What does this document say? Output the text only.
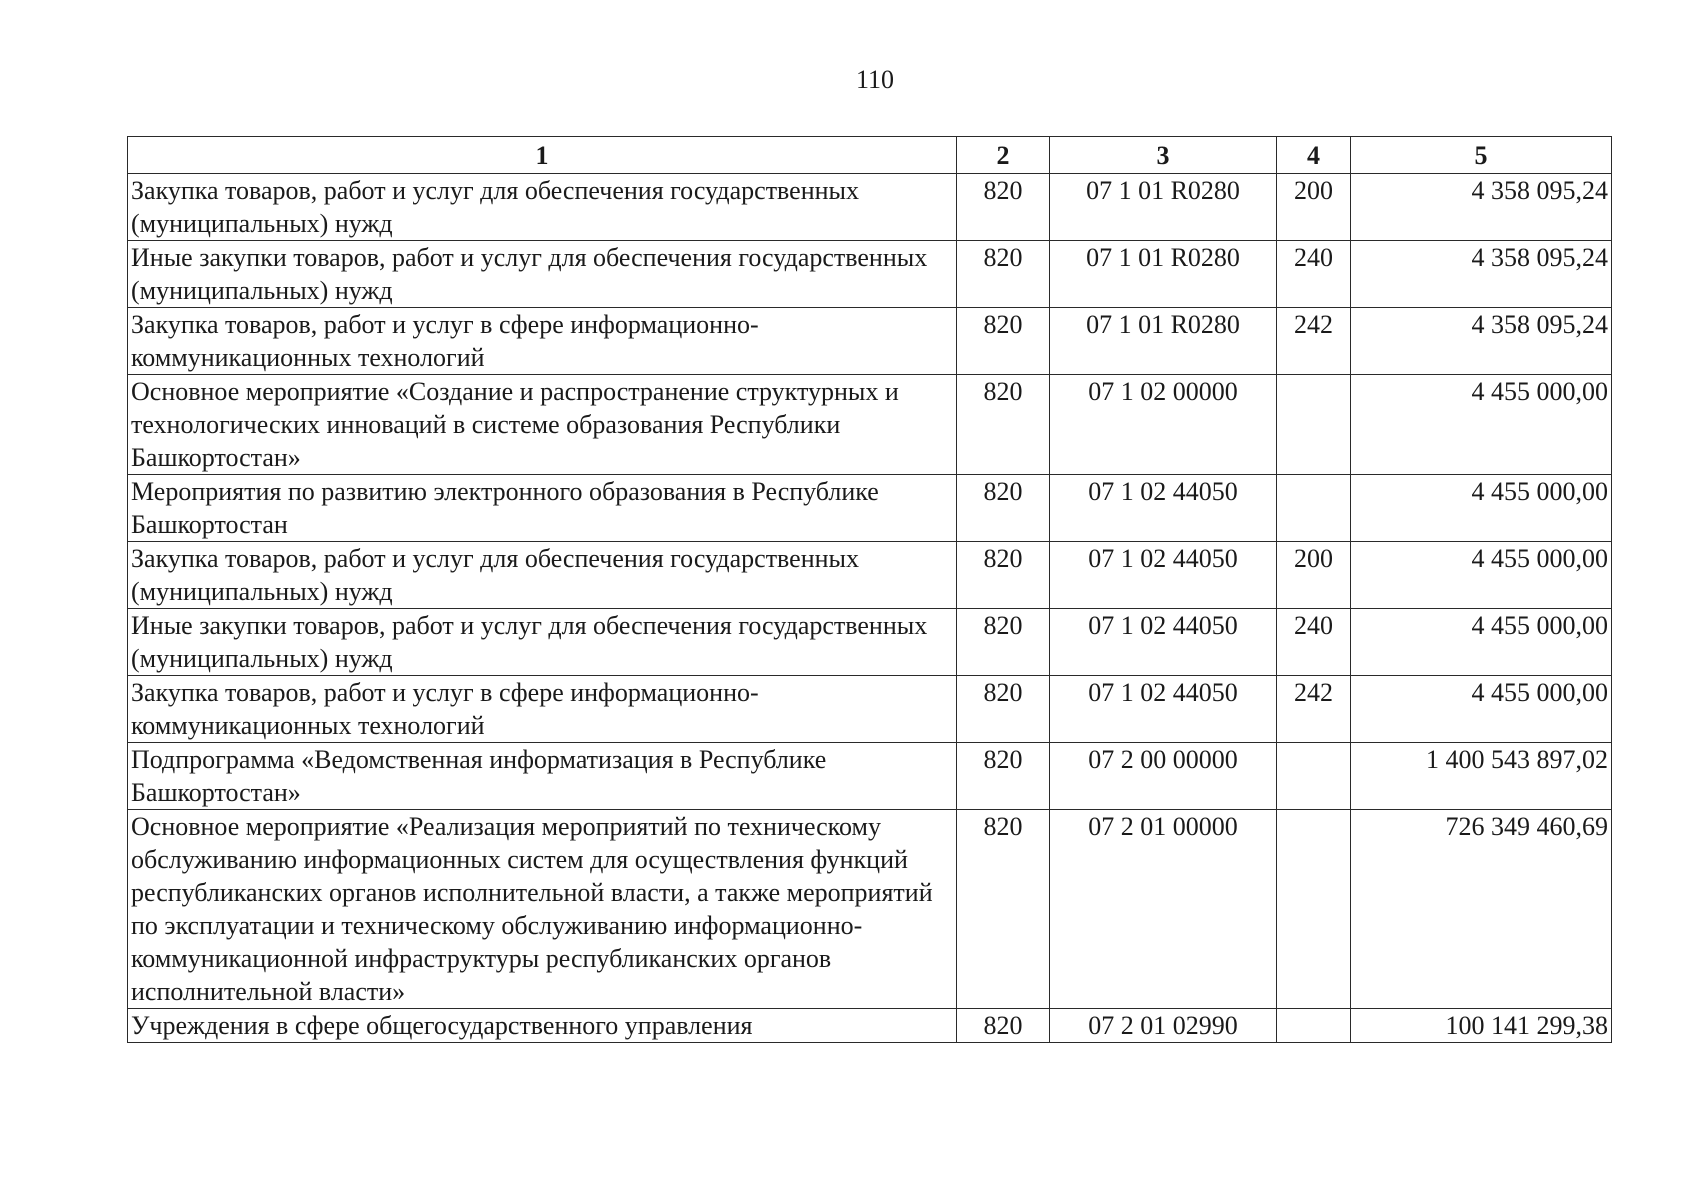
110
1	2	3	4	5
Закупка товаров, работ и услуг для обеспечения государственных (муниципальных) нужд	820	07 1 01 R0280	200	4 358 095,24
Иные закупки товаров, работ и услуг для обеспечения государственных (муниципальных) нужд	820	07 1 01 R0280	240	4 358 095,24
Закупка товаров, работ и услуг в сфере информационно-коммуникационных технологий	820	07 1 01 R0280	242	4 358 095,24
Основное мероприятие «Создание и распространение структурных и технологических инноваций в системе образования Республики Башкортостан»	820	07 1 02 00000		4 455 000,00
Мероприятия по развитию электронного образования в Республике Башкортостан	820	07 1 02 44050		4 455 000,00
Закупка товаров, работ и услуг для обеспечения государственных (муниципальных) нужд	820	07 1 02 44050	200	4 455 000,00
Иные закупки товаров, работ и услуг для обеспечения государственных (муниципальных) нужд	820	07 1 02 44050	240	4 455 000,00
Закупка товаров, работ и услуг в сфере информационно-коммуникационных технологий	820	07 1 02 44050	242	4 455 000,00
Подпрограмма «Ведомственная информатизация в Республике Башкортостан»	820	07 2 00 00000		1 400 543 897,02
Основное мероприятие «Реализация мероприятий по техническому обслуживанию информационных систем для осуществления функций республиканских органов исполнительной власти, а также мероприятий по эксплуатации и техническому обслуживанию информационно-коммуникационной инфраструктуры республиканских органов исполнительной власти»	820	07 2 01 00000		726 349 460,69
Учреждения в сфере общегосударственного управления	820	07 2 01 02990		100 141 299,38
